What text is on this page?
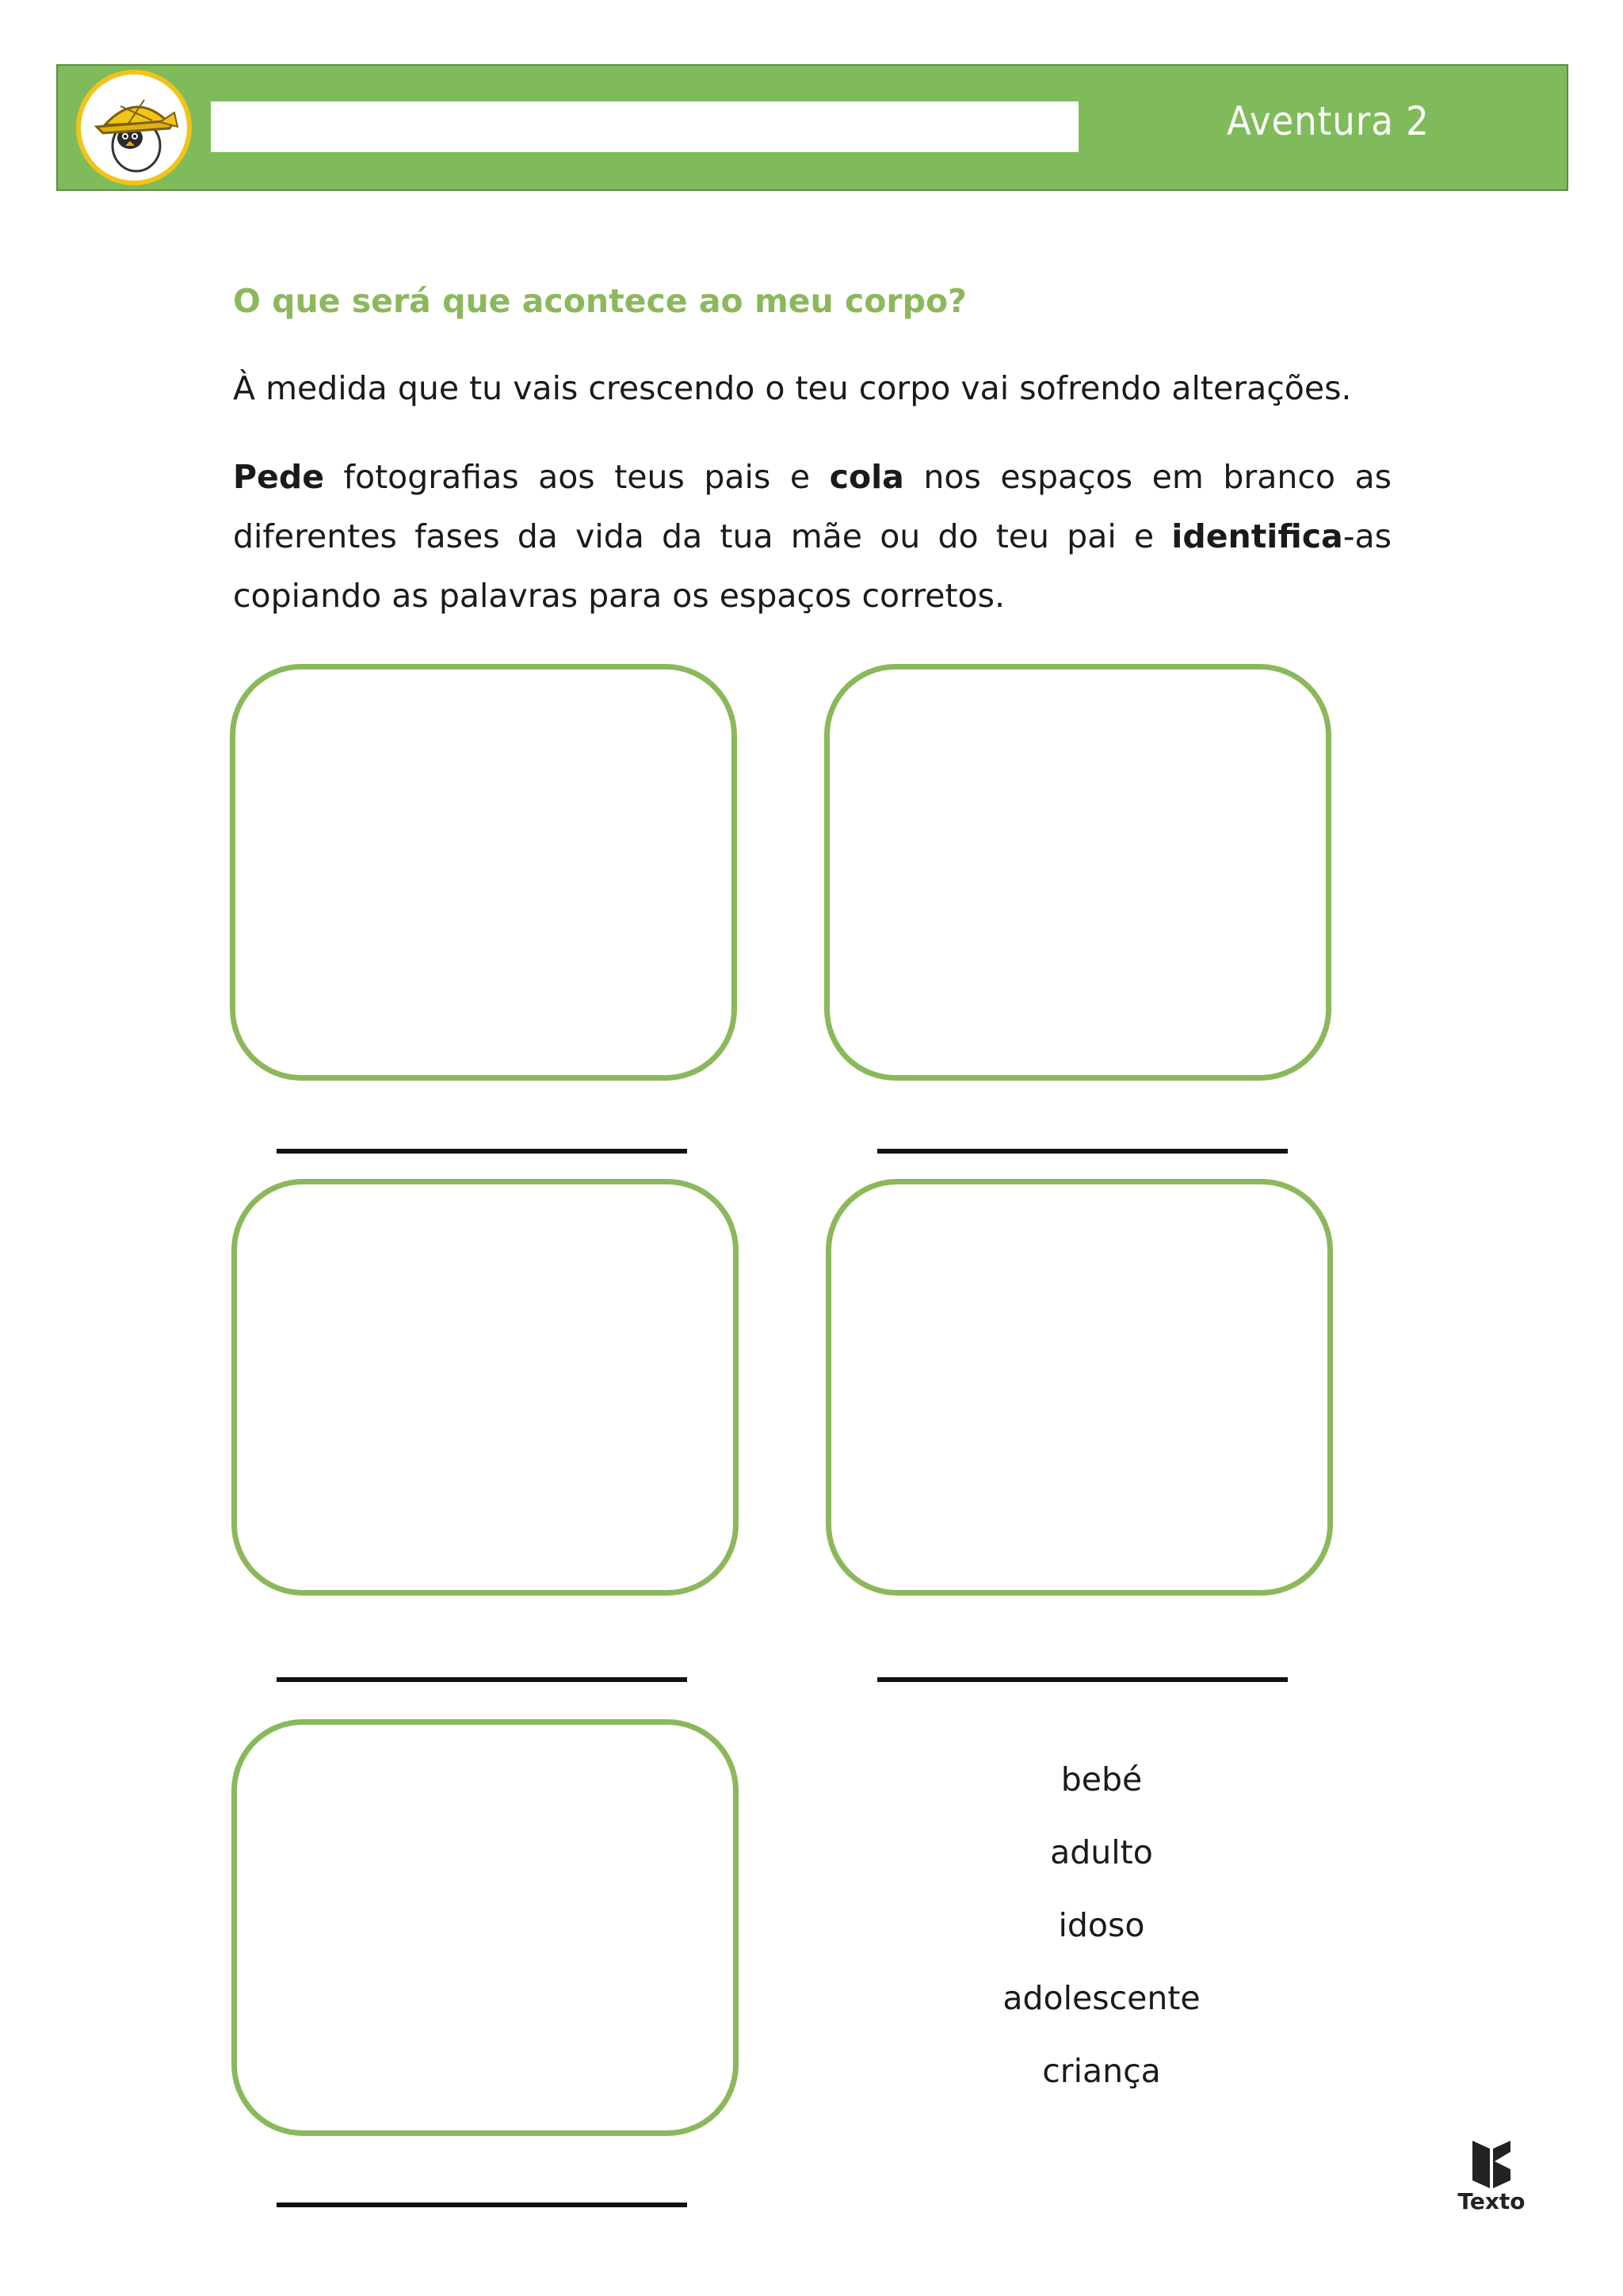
Aventura 2
O que será que acontece ao meu corpo?
À medida que tu vais crescendo o teu corpo vai sofrendo alterações.
Pede fotografias aos teus pais e cola nos espaços em branco as diferentes fases da vida da tua mãe ou do teu pai e identifica-as copiando as palavras para os espaços corretos.
bebé
adulto
idoso
adolescente
criança
Texto
